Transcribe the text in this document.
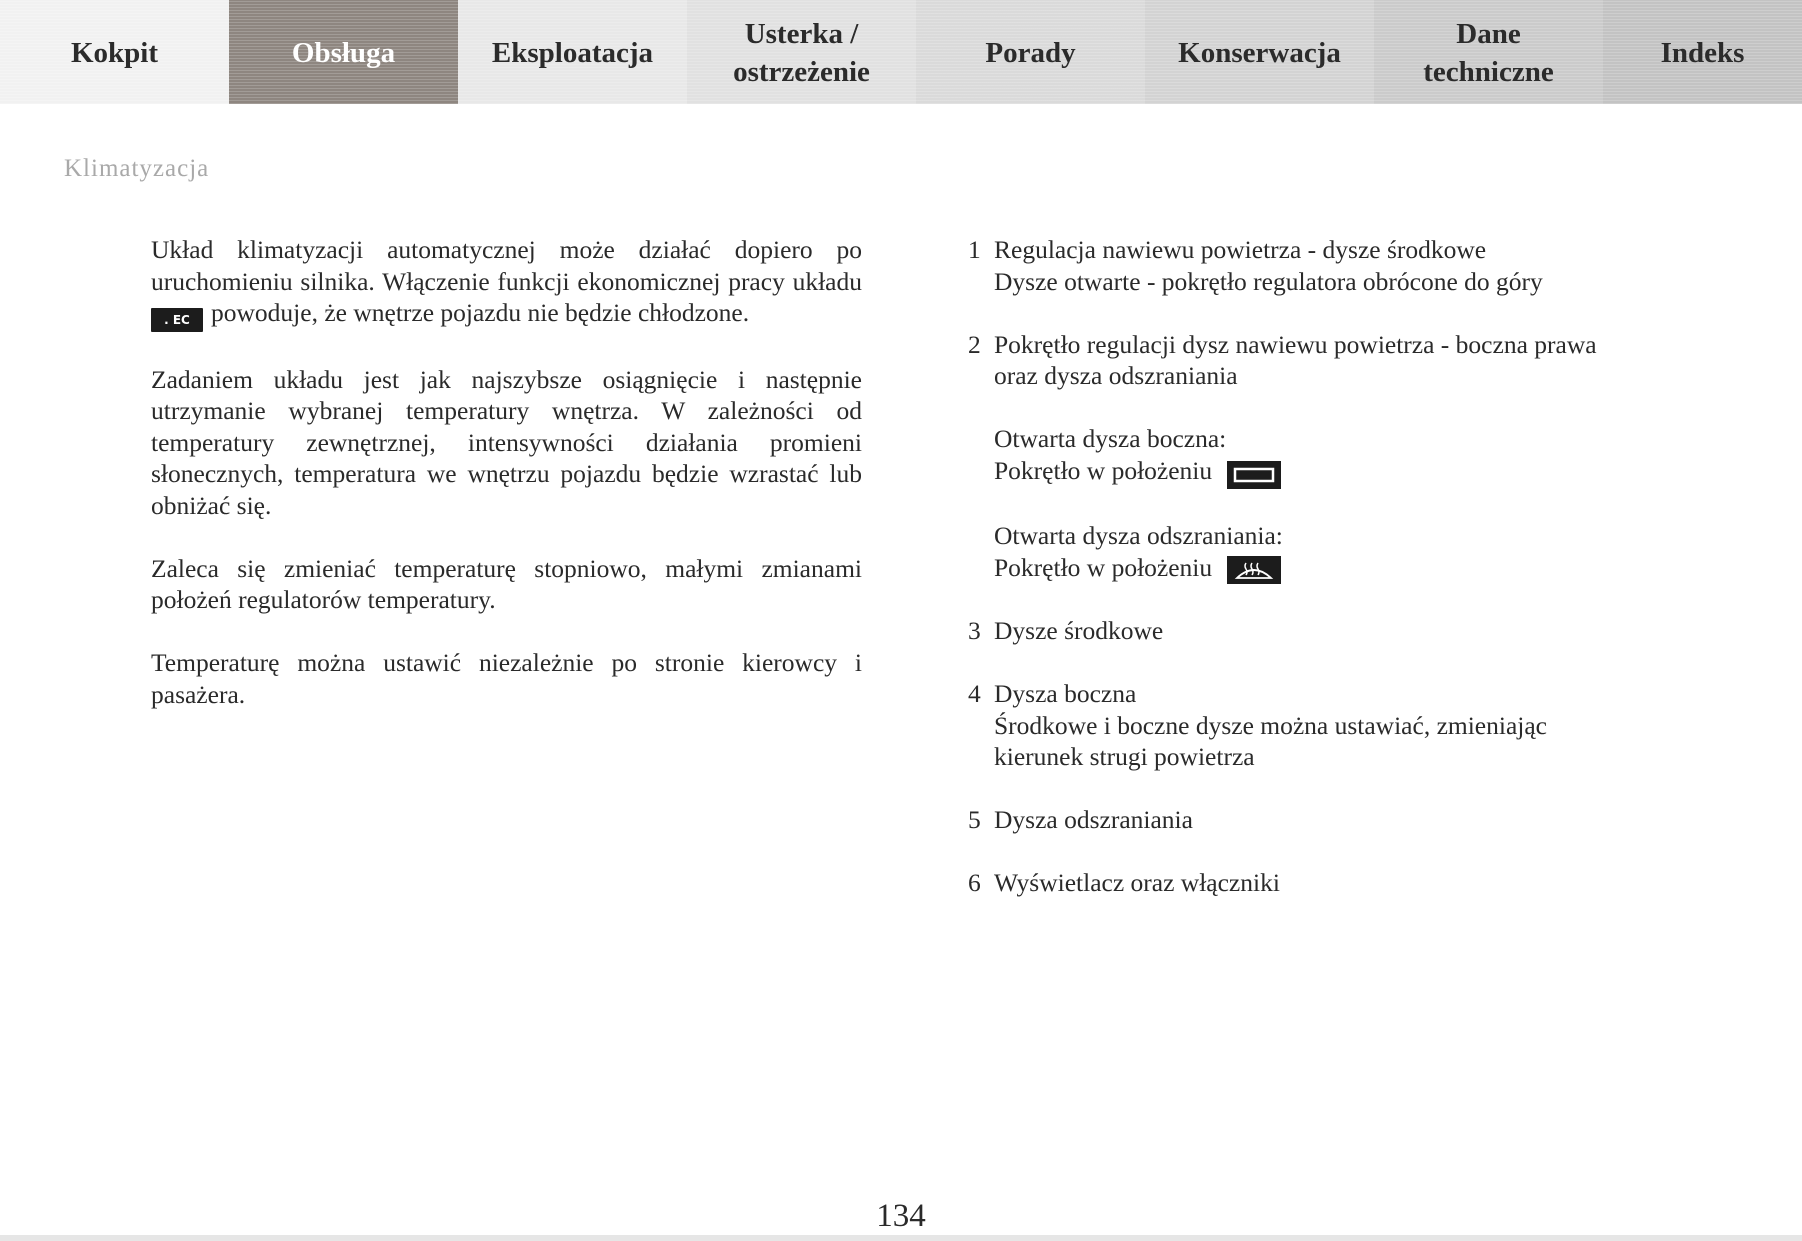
Kokpit	Obsługa	Eksploatacja
Usterka /
ostrzeżenie
Porady	Konserwacja
Dane
techniczne
Indeks
Klimatyzacja

Układ klimatyzacji automatycznej może działać dopiero po uruchomieniu silnika. Włączenie funkcji ekonomicznej pracy układu . EC powoduje, że wnętrze pojazdu nie będzie chłodzone.

Zadaniem układu jest jak najszybsze osiągnięcie i następnie utrzymanie wybranej temperatury wnętrza. W zależności od temperatury zewnętrznej, intensywności działania promieni słonecznych, temperatura we wnętrzu pojazdu będzie wzrastać lub obniżać się.

Zaleca się zmieniać temperaturę stopniowo, małymi zmianami położeń regulatorów temperatury.

Temperaturę można ustawić niezależnie po stronie kierowcy i pasażera.

1 Regulacja nawiewu powietrza - dysze środkowe
Dysze otwarte - pokrętło regulatora obrócone do góry
2 Pokrętło regulacji dysz nawiewu powietrza - boczna prawa
oraz dysza odszraniania
Otwarta dysza boczna:
Pokrętło w położeniu
Otwarta dysza odszraniania:
Pokrętło w położeniu
3 Dysze środkowe
4 Dysza boczna
Środkowe i boczne dysze można ustawiać, zmieniając
kierunek strugi powietrza
5 Dysza odszraniania
6 Wyświetlacz oraz włączniki
134
